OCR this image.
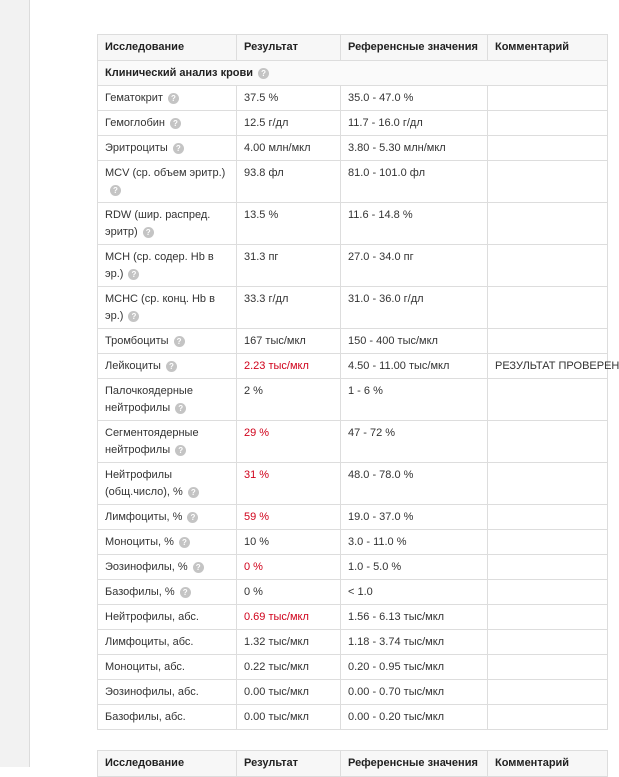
Исследование	Результат	Референсные значения	Комментарий
Клинический анализ крови ?			
Гематокрит ?	37.5 %	35.0 - 47.0 %	
Гемоглобин ?	12.5 г/дл	11.7 - 16.0 г/дл	
Эритроциты ?	4.00 млн/мкл	3.80 - 5.30 млн/мкл	
MCV (ср. объем эритр.)?	93.8 фл	81.0 - 101.0 фл	
RDW (шир. распред. эритр) ?	13.5 %	11.6 - 14.8 %	
MCH (ср. содер. Hb в эр.) ?	31.3 пг	27.0 - 34.0 пг	
MCHC (ср. конц. Hb в эр.) ?	33.3 г/дл	31.0 - 36.0 г/дл	
Тромбоциты ?	167 тыс/мкл	150 - 400 тыс/мкл	
Лейкоциты ?	2.23 тыс/мкл	4.50 - 11.00 тыс/мкл	РЕЗУЛЬТАТ ПРОВЕРЕН
Палочкоядерные нейтрофилы ?	2 %	1 - 6 %	
Сегментоядерные нейтрофилы ?	29 %	47 - 72 %	
Нейтрофилы (общ.число), % ?	31 %	48.0 - 78.0 %	
Лимфоциты, % ?	59 %	19.0 - 37.0 %	
Моноциты, % ?	10 %	3.0 - 11.0 %	
Эозинофилы, % ?	0 %	1.0 - 5.0 %	
Базофилы, % ?	0 %	< 1.0	
Нейтрофилы, абс.	0.69 тыс/мкл	1.56 - 6.13 тыс/мкл	
Лимфоциты, абс.	1.32 тыс/мкл	1.18 - 3.74 тыс/мкл	
Моноциты, абс.	0.22 тыс/мкл	0.20 - 0.95 тыс/мкл	
Эозинофилы, абс.	0.00 тыс/мкл	0.00 - 0.70 тыс/мкл	
Базофилы, абс.	0.00 тыс/мкл	0.00 - 0.20 тыс/мкл	
Исследование	Результат	Референсные значения	Комментарий
